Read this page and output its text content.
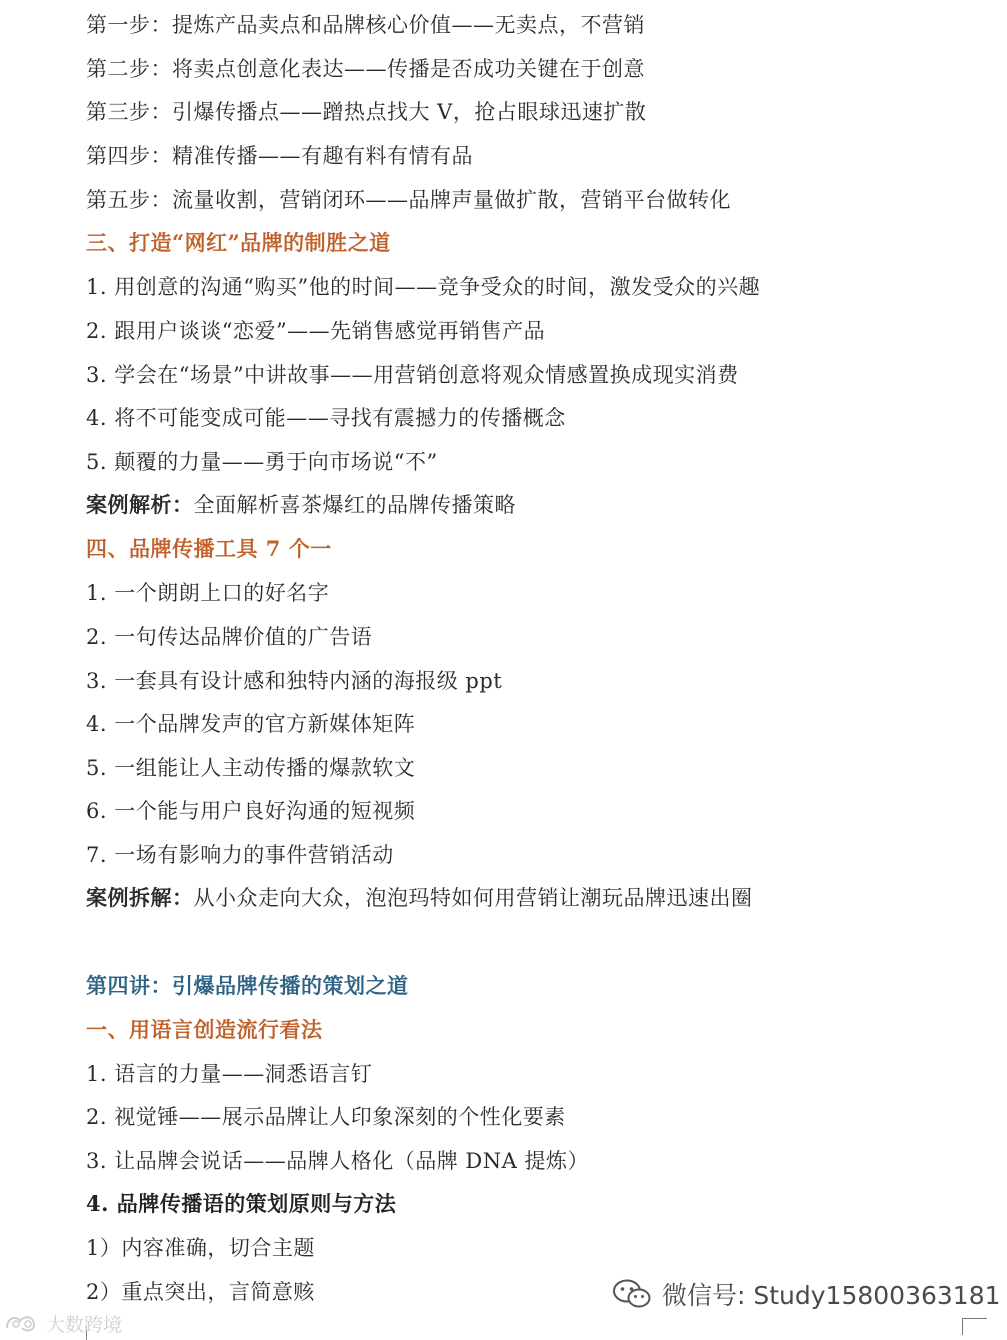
第一步：提炼产品卖点和品牌核心价值——无卖点，不营销
第二步：将卖点创意化表达——传播是否成功关键在于创意
第三步：引爆传播点——蹭热点找大 V，抢占眼球迅速扩散
第四步：精准传播——有趣有料有情有品
第五步：流量收割，营销闭环——品牌声量做扩散，营销平台做转化
三、打造“网红”品牌的制胜之道
1. 用创意的沟通“购买”他的时间——竞争受众的时间，激发受众的兴趣
2. 跟用户谈谈“恋爱”——先销售感觉再销售产品
3. 学会在“场景”中讲故事——用营销创意将观众情感置换成现实消费
4. 将不可能变成可能——寻找有震撼力的传播概念
5. 颠覆的力量——勇于向市场说“不”
案例解析：全面解析喜茶爆红的品牌传播策略
四、品牌传播工具 7 个一
1. 一个朗朗上口的好名字
2. 一句传达品牌价值的广告语
3. 一套具有设计感和独特内涵的海报级 ppt
4. 一个品牌发声的官方新媒体矩阵
5. 一组能让人主动传播的爆款软文
6. 一个能与用户良好沟通的短视频
7. 一场有影响力的事件营销活动
案例拆解：从小众走向大众，泡泡玛特如何用营销让潮玩品牌迅速出圈
第四讲：引爆品牌传播的策划之道
一、用语言创造流行看法
1. 语言的力量——洞悉语言钉
2. 视觉锤——展示品牌让人印象深刻的个性化要素
3. 让品牌会说话——品牌人格化（品牌 DNA 提炼）
4. 品牌传播语的策划原则与方法
1）内容准确，切合主题
2）重点突出，言简意赅	微信号: Study15800363181
大数跨境
